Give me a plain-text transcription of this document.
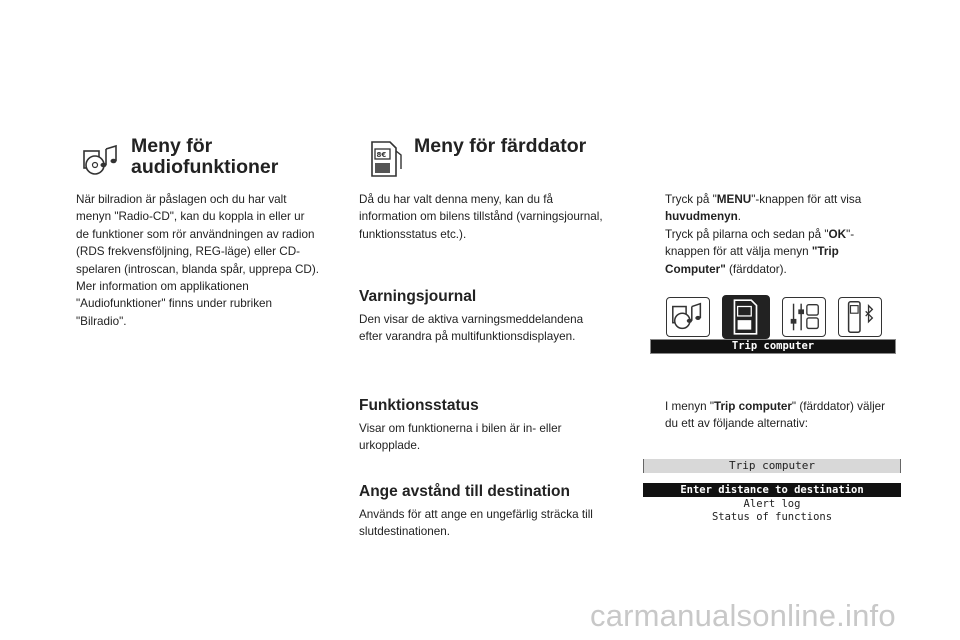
Meny för
audiofunktioner
När bilradion är påslagen och du har valt
menyn "Radio-CD", kan du koppla in eller ur
de funktioner som rör användningen av radion
(RDS frekvensföljning, REG-läge) eller CD-
spelaren (introscan, blanda spår, upprepa CD).
Mer information om applikationen
"Audiofunktioner" finns under rubriken
"Bilradio".
8€ Meny för färddator
Då du har valt denna meny, kan du få
information om bilens tillstånd (varningsjournal,
funktionsstatus etc.).
Varningsjournal
Den visar de aktiva varningsmeddelandena
efter varandra på multifunktionsdisplayen.
Funktionsstatus
Visar om funktionerna i bilen är in- eller
urkopplade.
Ange avstånd till destination
Används för att ange en ungefärlig sträcka till
slutdestinationen.
Tryck på "MENU"-knappen för att visa
huvudmenyn.
Tryck på pilarna och sedan på "OK"-
knappen för att välja menyn "Trip
Computer" (färddator).
Trip computer
I menyn "Trip computer" (färddator) väljer
du ett av följande alternativ:
Trip computer
Enter distance to destination
Alert log
Status of functions
carmanualsonline.info
